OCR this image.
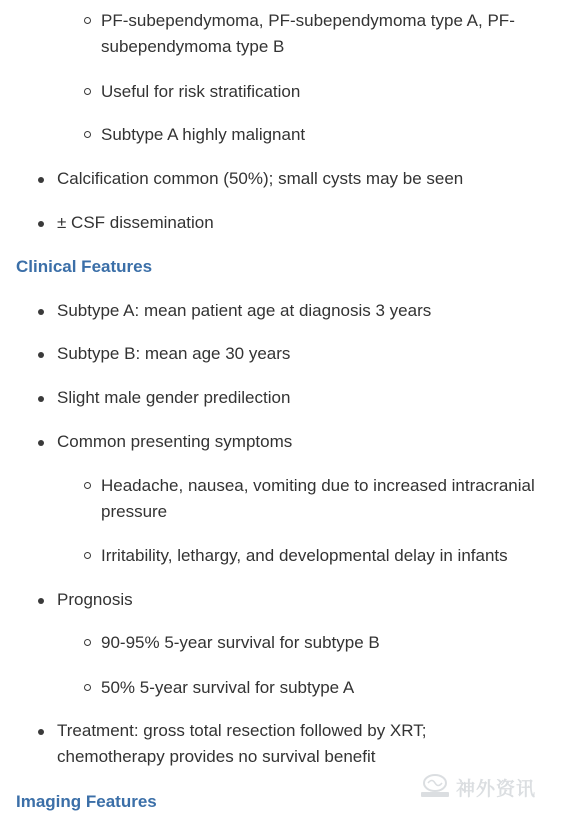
PF-subependymoma, PF-subependymoma type A, PF-
subependymoma type B
Useful for risk stratification
Subtype A highly malignant
Calcification common (50%); small cysts may be seen
± CSF dissemination
Clinical Features
Subtype A: mean patient age at diagnosis 3 years
Subtype B: mean age 30 years
Slight male gender predilection
Common presenting symptoms
Headache, nausea, vomiting due to increased intracranial
pressure
Irritability, lethargy, and developmental delay in infants
Prognosis
90-95% 5-year survival for subtype B
50% 5-year survival for subtype A
Treatment: gross total resection followed by XRT;
chemotherapy provides no survival benefit
Imaging Features
神外资讯
